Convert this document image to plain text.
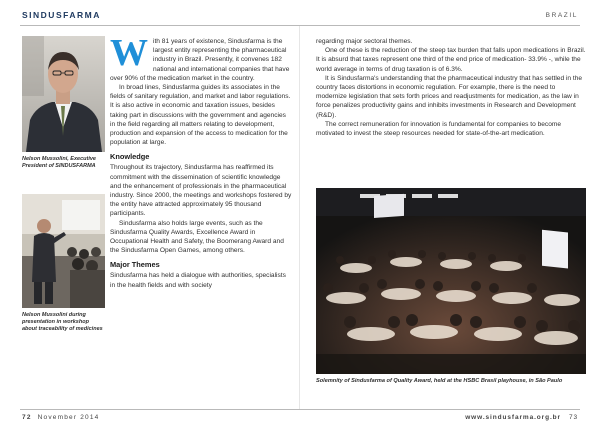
SINDUSFARMA	BRAZIL
Nelson Mussolini, Executive President of SINDUSFARMA
Nelson Mussolini during presentation in workshop about traceability of medicines
W ith 81 years of existence, Sindusfarma is the largest entity representing the pharmaceutical industry in Brazil. Presently, it convenes 182 national and international companies that have over 90% of the medication market in the country.

In broad lines, Sindusfarma guides its associates in the fields of sanitary regulation, and market and labor regulations. It is also active in economic and taxation issues, besides taking part in discussions with the government and agencies in the field regarding all matters relating to development, production and expansion of the access to medication for the population at large.

Knowledge

Throughout its trajectory, Sindusfarma has reaffirmed its commitment with the dissemination of scientific knowledge and the enhancement of professionals in the pharmaceutical industry. Since 2000, the meetings and workshops fostered by the entity have attracted approximately 95 thousand participants.

Sindusfarma also holds large events, such as the Sindusfarma Quality Awards, Excellence Award in Occupational Health and Safety, the Boomerang Award and the Sindusfarma Open Games, among others.

Major Themes

Sindusfarma has held a dialogue with authorities, specialists in the health fields and with society

regarding major sectoral themes.

One of these is the reduction of the steep tax burden that falls upon medications in Brazil. It is absurd that taxes represent one third of the end price of medication- 33.9% -, while the world average in terms of drug taxation is of 6.3%.

It is Sindusfarma's understanding that the pharmaceutical industry that has settled in the country faces distortions in economic regulation. For example, there is the need to modernize legislation that sets forth prices and readjustments for medication, as the law in force penalizes productivity gains and inhibits investments in Research and Development (R&D).

The correct remuneration for innovation is fundamental for companies to become motivated to invest the steep resources needed for state-of-the-art medication.

Solemnity of Sindusfarma of Quality Award, held at the HSBC Brasil playhouse, in São Paulo
72 November 2014	www.sindusfarma.org.br 73
